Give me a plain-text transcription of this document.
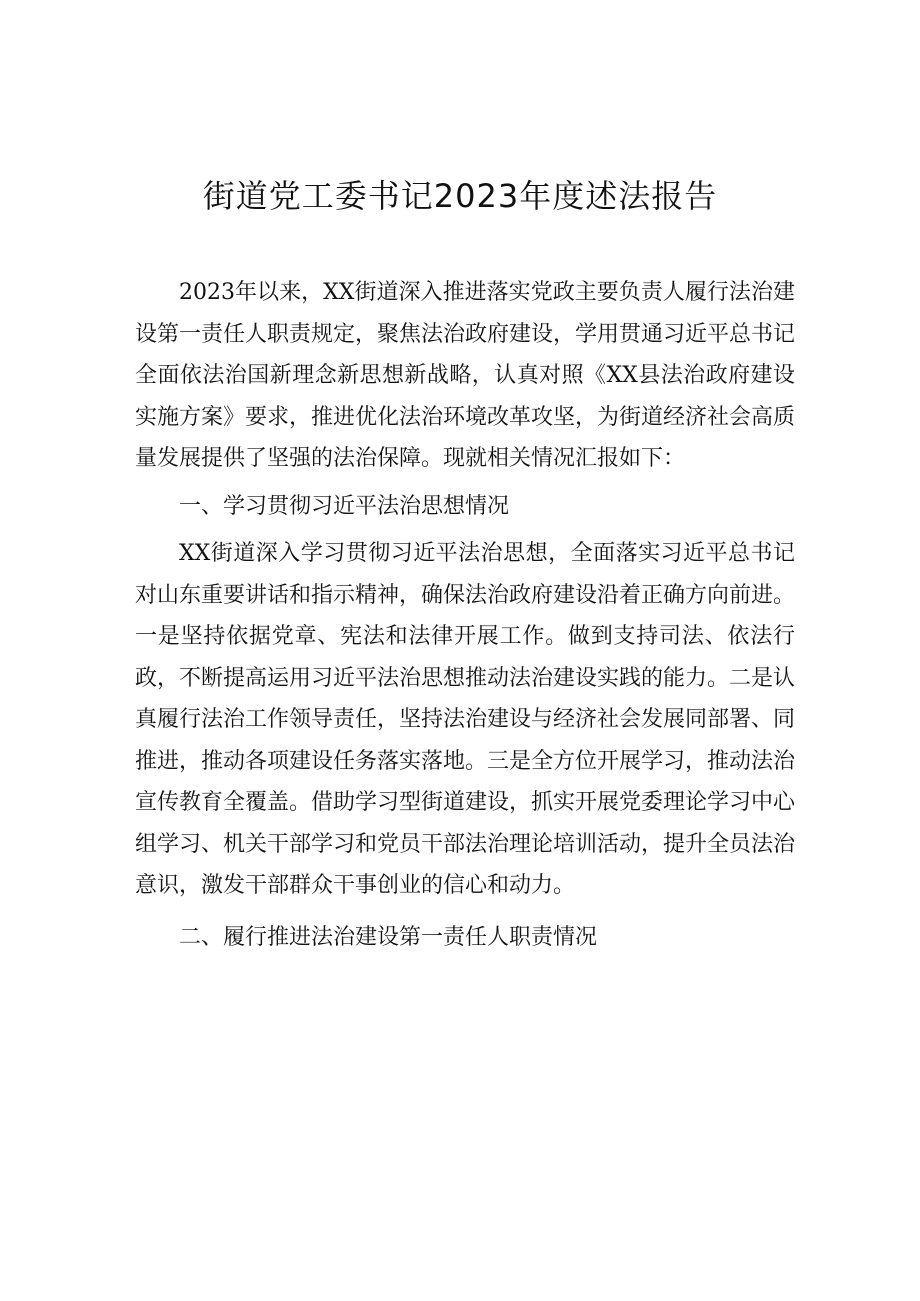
街道党工委书记2023年度述法报告

2023年以来，XX街道深入推进落实党政主要负责人履行法治建设第一责任人职责规定，聚焦法治政府建设，学用贯通习近平总书记全面依法治国新理念新思想新战略，认真对照《XX县法治政府建设实施方案》要求，推进优化法治环境改革攻坚，为街道经济社会高质量发展提供了坚强的法治保障。现就相关情况汇报如下：

一、学习贯彻习近平法治思想情况

XX街道深入学习贯彻习近平法治思想，全面落实习近平总书记对山东重要讲话和指示精神，确保法治政府建设沿着正确方向前进。一是坚持依据党章、宪法和法律开展工作。做到支持司法、依法行政，不断提高运用习近平法治思想推动法治建设实践的能力。二是认真履行法治工作领导责任，坚持法治建设与经济社会发展同部署、同推进，推动各项建设任务落实落地。三是全方位开展学习，推动法治宣传教育全覆盖。借助学习型街道建设，抓实开展党委理论学习中心组学习、机关干部学习和党员干部法治理论培训活动，提升全员法治意识，激发干部群众干事创业的信心和动力。

二、履行推进法治建设第一责任人职责情况
